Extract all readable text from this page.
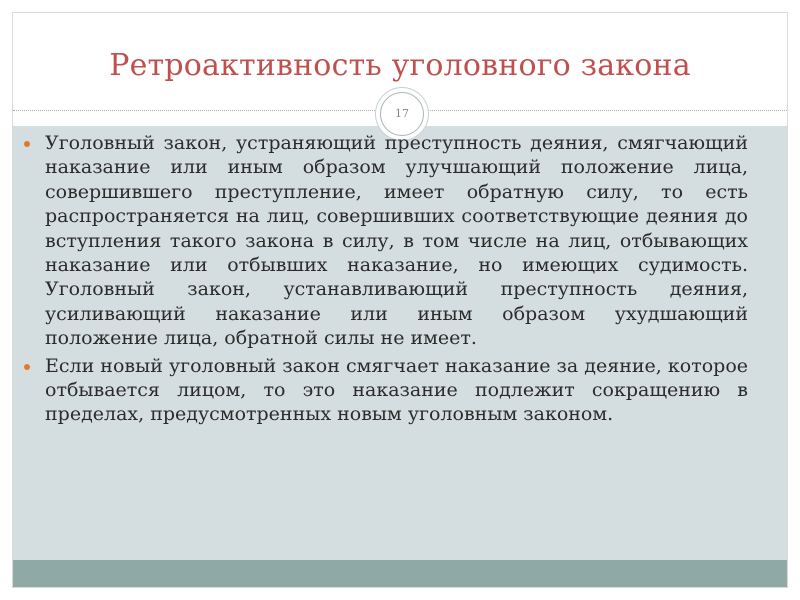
Ретроактивность уголовного закона
17
Уголовный закон, устраняющий преступность деяния, смягчающий наказание или иным образом улучшающий положение лица, совершившего преступление, имеет обратную силу, то есть распространяется на лиц, совершивших соответствующие деяния до вступления такого закона в силу, в том числе на лиц, отбывающих наказание или отбывших наказание, но имеющих судимость. Уголовный закон, устанавливающий преступность деяния, усиливающий наказание или иным образом ухудшающий положение лица, обратной силы не имеет.
Если новый уголовный закон смягчает наказание за деяние, которое отбывается лицом, то это наказание подлежит сокращению в пределах, предусмотренных новым уголовным законом.
